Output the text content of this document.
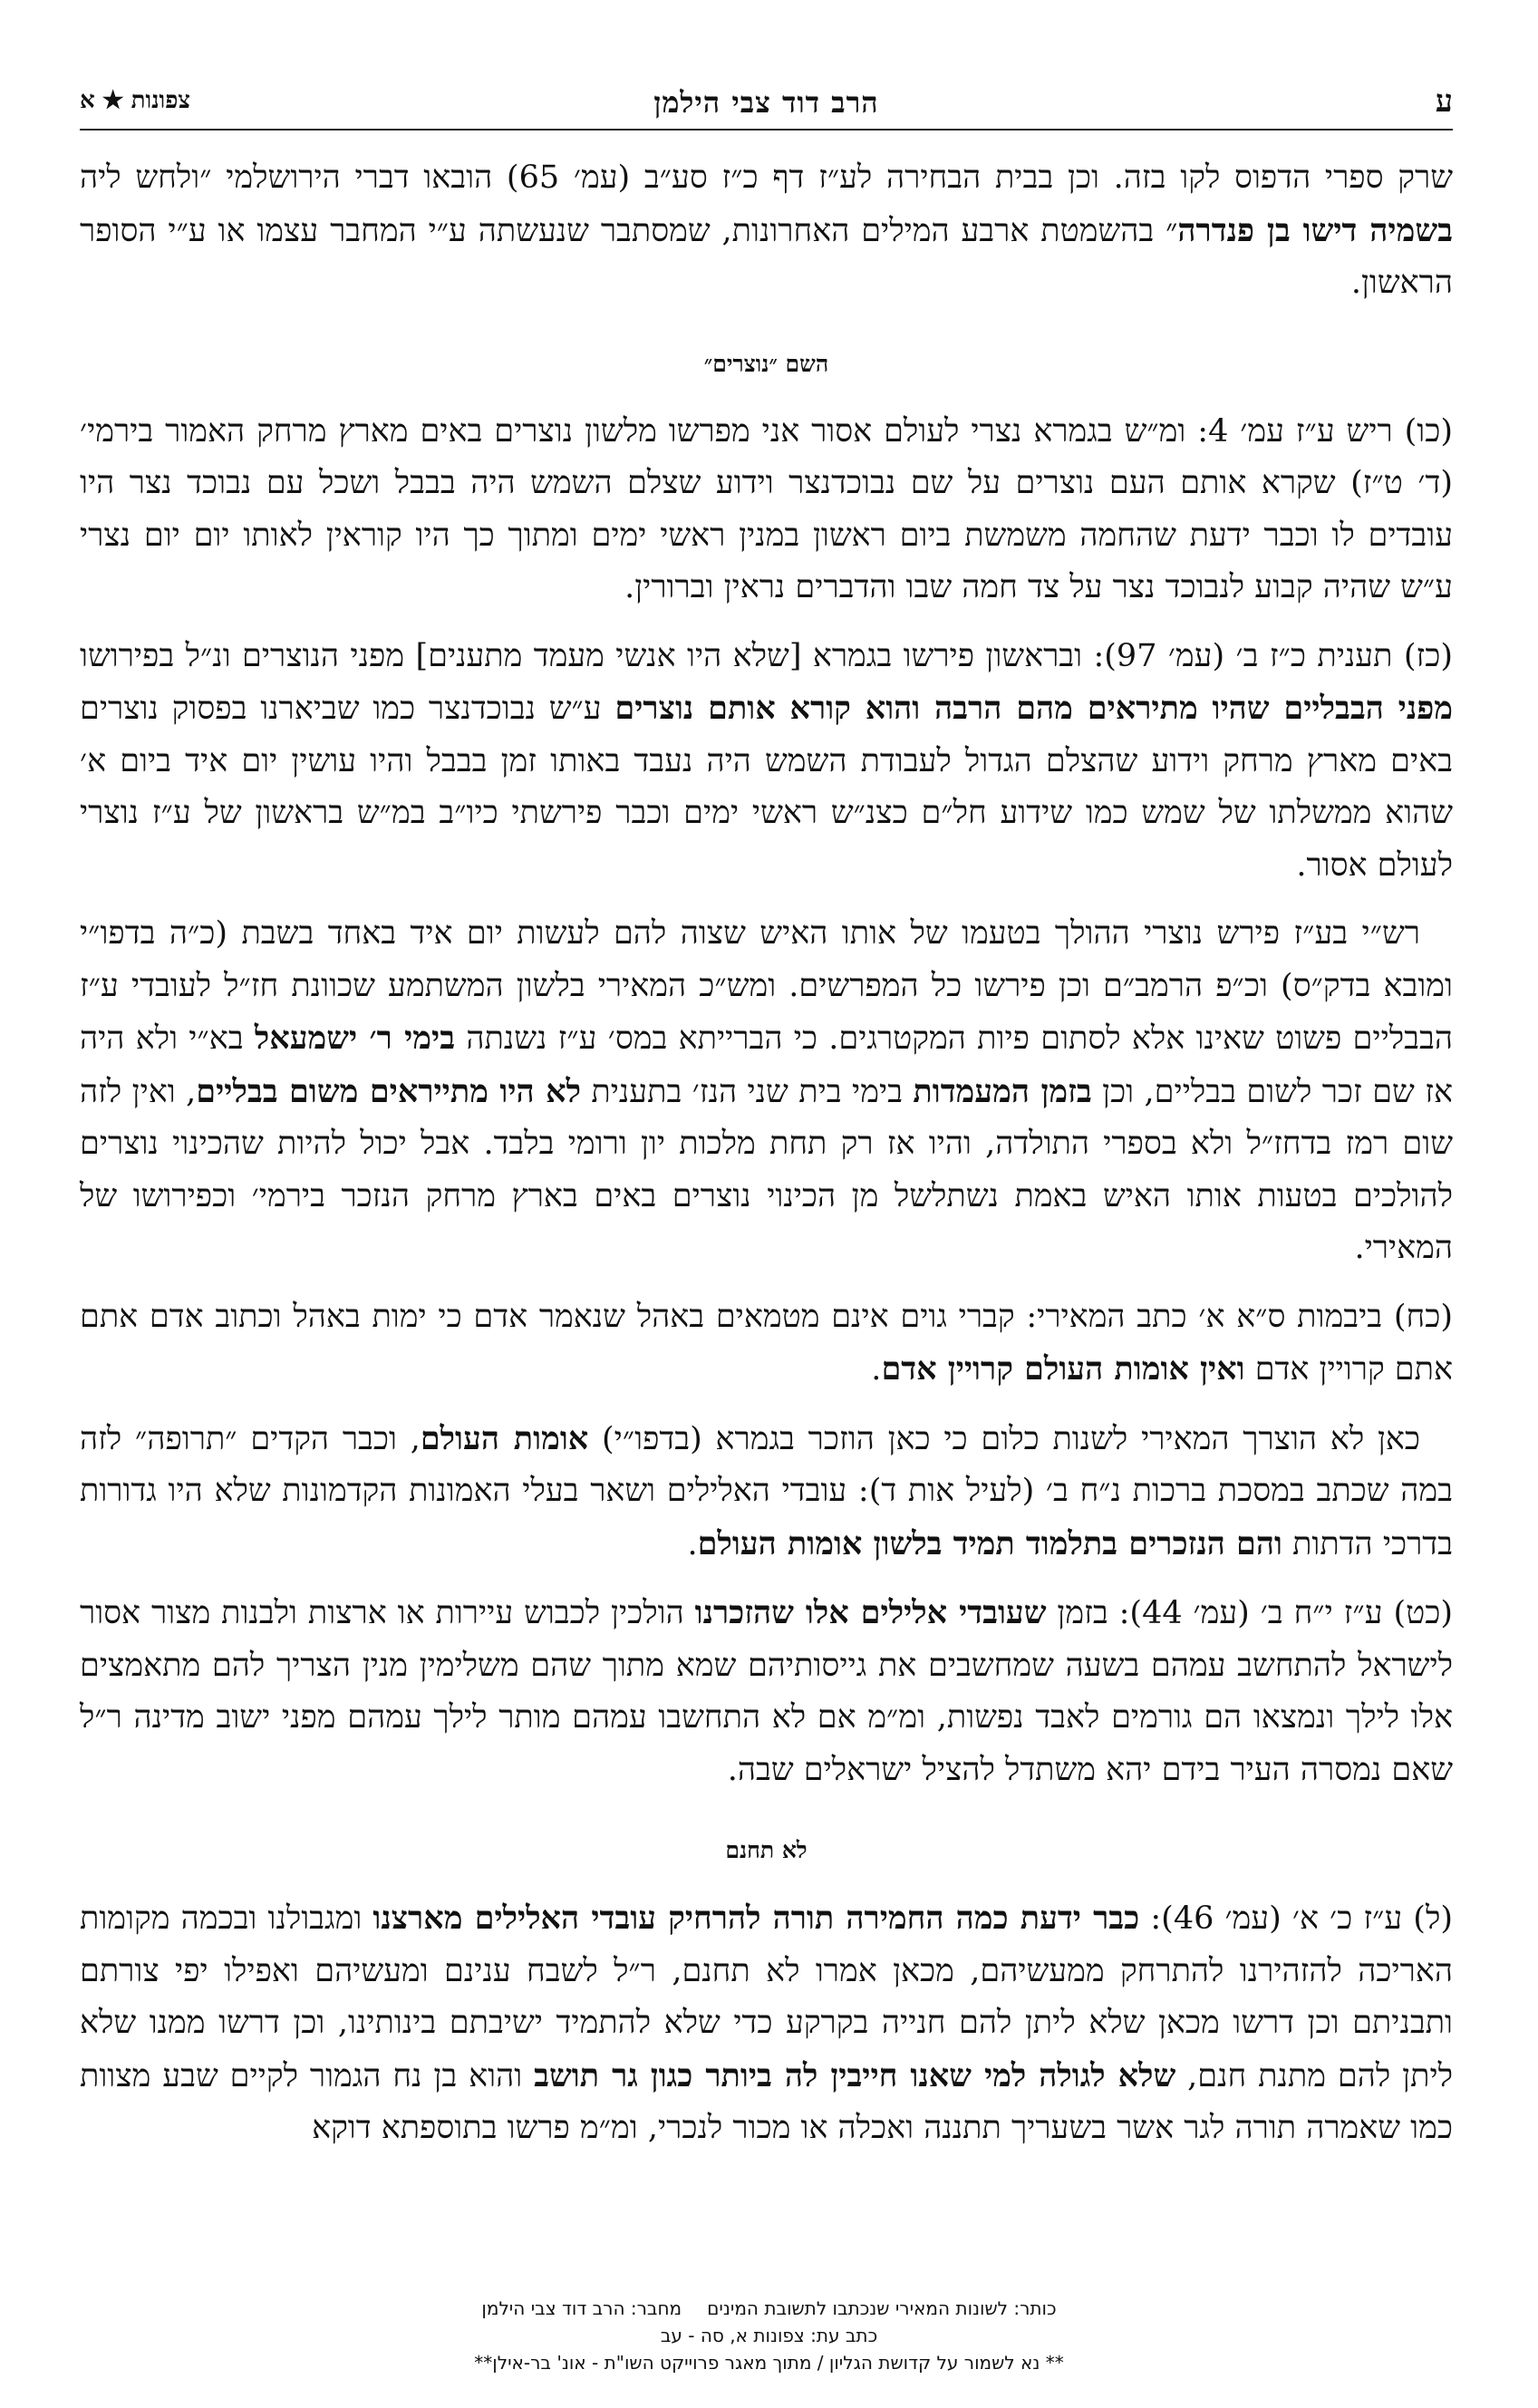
ע
הרב דוד צבי הילמן
צפונות ✭ א

שרק ספרי הדפוס לקו בזה. וכן בבית הבחירה לע״ז דף כ״ז סע״ב (עמ׳ 65) הובאו דברי הירושלמי ״ולחש ליה בשמיה דישו בן פנדרה״ בהשמטת ארבע המילים האחרונות, שמסתבר שנעשתה ע״י המחבר עצמו או ע״י הסופר הראשון.

השם ״נוצרים״

(כו) ריש ע״ז עמ׳ 4: ומ״ש בגמרא נצרי לעולם אסור אני מפרשו מלשון נוצרים באים מארץ מרחק האמור בירמי׳ (ד׳ ט״ז) שקרא אותם העם נוצרים על שם נבוכדנצר וידוע שצלם השמש היה בבבל ושכל עם נבוכד נצר היו עובדים לו וכבר ידעת שהחמה משמשת ביום ראשון במנין ראשי ימים ומתוך כך היו קוראין לאותו יום יום נצרי ע״ש שהיה קבוע לנבוכד נצר על צד חמה שבו והדברים נראין וברורין.

(כז) תענית כ״ז ב׳ (עמ׳ 97): ובראשון פירשו בגמרא [שלא היו אנשי מעמד מתענים] מפני הנוצרים ונ״ל בפירושו מפני הבבליים שהיו מתיראים מהם הרבה והוא קורא אותם נוצרים ע״ש נבוכדנצר כמו שביארנו בפסוק נוצרים באים מארץ מרחק וידוע שהצלם הגדול לעבודת השמש היה נעבד באותו זמן בבבל והיו עושין יום איד ביום א׳ שהוא ממשלתו של שמש כמו שידוע חל״ם כצנ״ש ראשי ימים וכבר פירשתי כיו״ב במ״ש בראשון של ע״ז נוצרי לעולם אסור.

רש״י בע״ז פירש נוצרי ההולך בטעמו של אותו האיש שצוה להם לעשות יום איד באחד בשבת (כ״ה בדפו״י ומובא בדק״ס) וכ״פ הרמב״ם וכן פירשו כל המפרשים. ומש״כ המאירי בלשון המשתמע שכוונת חז״ל לעובדי ע״ז הבבליים פשוט שאינו אלא לסתום פיות המקטרגים. כי הברייתא במס׳ ע״ז נשנתה בימי ר׳ ישמעאל בא״י ולא היה אז שם זכר לשום בבליים, וכן בזמן המעמדות בימי בית שני הנז׳ בתענית לא היו מתייראים משום בבליים, ואין לזה שום רמז בדחז״ל ולא בספרי התולדה, והיו אז רק תחת מלכות יון ורומי בלבד. אבל יכול להיות שהכינוי נוצרים להולכים בטעות אותו האיש באמת נשתלשל מן הכינוי נוצרים באים בארץ מרחק הנזכר בירמי׳ וכפירושו של המאירי.

(כח) ביבמות ס״א א׳ כתב המאירי: קברי גוים אינם מטמאים באהל שנאמר אדם כי ימות באהל וכתוב אדם אתם אתם קרויין אדם ואין אומות העולם קרויין אדם.

כאן לא הוצרך המאירי לשנות כלום כי כאן הוזכר בגמרא (בדפו״י) אומות העולם, וכבר הקדים ״תרופה״ לזה במה שכתב במסכת ברכות נ״ח ב׳ (לעיל אות ד): עובדי האלילים ושאר בעלי האמונות הקדמונות שלא היו גדורות בדרכי הדתות והם הנזכרים בתלמוד תמיד בלשון אומות העולם.

(כט) ע״ז י״ח ב׳ (עמ׳ 44): בזמן שעובדי אלילים אלו שהזכרנו הולכין לכבוש עיירות או ארצות ולבנות מצור אסור לישראל להתחשב עמהם בשעה שמחשבים את גייסותיהם שמא מתוך שהם משלימין מנין הצריך להם מתאמצים אלו לילך ונמצאו הם גורמים לאבד נפשות, ומ״מ אם לא התחשבו עמהם מותר לילך עמהם מפני ישוב מדינה ר״ל שאם נמסרה העיר בידם יהא משתדל להציל ישראלים שבה.

לא תחנם

(ל) ע״ז כ׳ א׳ (עמ׳ 46): כבר ידעת כמה החמירה תורה להרחיק עובדי האלילים מארצנו ומגבולנו ובכמה מקומות האריכה להזהירנו להתרחק ממעשיהם, מכאן אמרו לא תחנם, ר״ל לשבח ענינם ומעשיהם ואפילו יפי צורתם ותבניתם וכן דרשו מכאן שלא ליתן להם חנייה בקרקע כדי שלא להתמיד ישיבתם בינותינו, וכן דרשו ממנו שלא ליתן להם מתנת חנם, שלא לגולה למי שאנו חייבין לה ביותר כגון גר תושב והוא בן נח הגמור לקיים שבע מצוות כמו שאמרה תורה לגר אשר בשעריך תתננה ואכלה או מכור לנכרי, ומ״מ פרשו בתוספתא דוקא

כותר: לשונות המאירי שנכתבו לתשובת המיניםמחבר: הרב דוד צבי הילמן
כתב עת: צפונות א, סה - עב
** נא לשמור על קדושת הגליון / מתוך מאגר פרוייקט השו"ת - אונ' בר-אילן**
